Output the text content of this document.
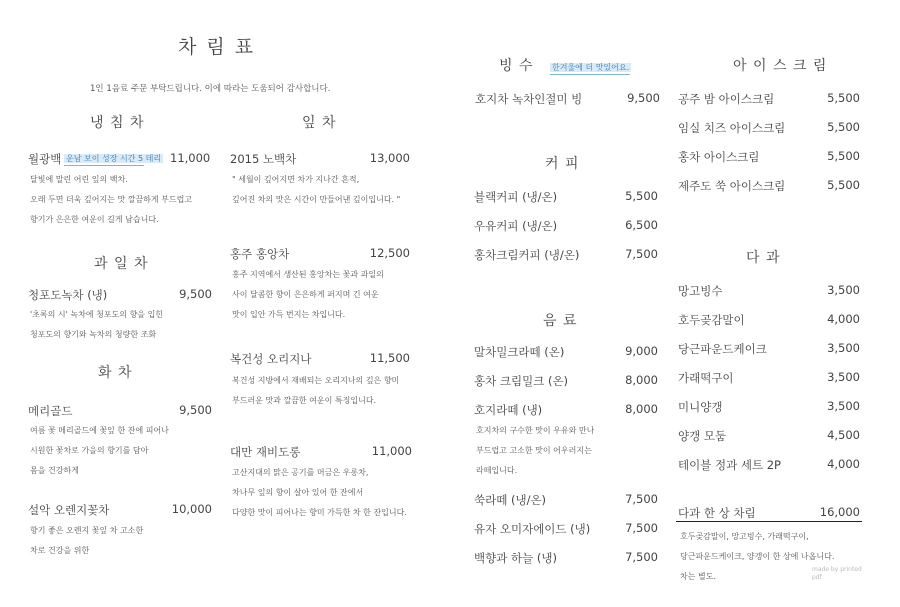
차 림 표
1인 1음료 주문 부탁드립니다. 이에 따라는 도움되어 감사합니다.
냉 침 차
월광백 운남 보이 성장 시간 5 데리 11,000
달빛에 말린 어린 잎의 백차.
오래 두면 더욱 깊어지는 맛 깔끔하게 부드럽고
향기가 은은한 여운이 길게 남습니다.
과 일 차
청포도녹차 (냉)	9,500
'초록의 시' 녹차에 청포도의 향을 입힌
청포도의 향기와 녹차의 청량한 조화
화 차
메리골드	9,500
여름 꽃 메리골드에 꽃잎 한 잔에 피어나
시원한 꽃차로 가을의 향기를 담아
몸을 건강하게
설악 오렌지꽃차	10,000
향기 좋은 오렌지 꽃잎 차 고소한
차로 건강을 위한
잎 차
2015 노백차	13,000
" 세월이 깊어지면 차가 지나간 흔적,
깊어진 차의 맛은 시간이 만들어낸 깊이입니다. "
홍주 홍앙차	12,500
홍주 지역에서 생산된 홍앙차는 꽃과 과일의
사이 달콤한 향이 은은하게 퍼지며 긴 여운
맛이 입안 가득 번지는 차입니다.
복건성 오리지나	11,500
복건성 지방에서 재배되는 오리지나의 깊은 향미
부드러운 맛과 깔끔한 여운이 특징입니다.
대만 재비도롱	11,000
고산지대의 맑은 공기를 머금은 우롱차,
차나무 잎의 향이 살아 있어 한 잔에서
다양한 맛이 피어나는 향미 가득한 차 한 잔입니다.
빙 수 한겨울에 더 맛있어요.
호지차 녹차인절미 빙	9,500
커 피
블랙커피 (냉/온)	5,500
우유커피 (냉/온)	6,500
홍차크림커피 (냉/온)	7,500
음 료
말차밀크라떼 (온)	9,000
홍차 크림밀크 (온)	8,000
호지라떼 (냉)	8,000
호지차의 구수한 맛이 우유와 만나
부드럽고 고소한 맛이 어우러지는
라떼입니다.
쑥라떼 (냉/온)	7,500
유자 오미자에이드 (냉)	7,500
백향과 하늘 (냉)	7,500
아 이 스 크 림
공주 밤 아이스크림	5,500
임실 치즈 아이스크림	5,500
홍차 아이스크림	5,500
제주도 쑥 아이스크림	5,500
다 과
망고빙수	3,500
호두곶감말이	4,000
당근파운드케이크	3,500
가래떡구이	3,500
미니양갱	3,500
양갱 모둠	4,500
테이블 정과 세트 2P	4,000
다과 한 상 차림	16,000
호두곶감말이, 망고빙수, 가래떡구이,
당근파운드케이크, 양갱이 한 상에 나옵니다.
차는 별도.
made by printed pdf
